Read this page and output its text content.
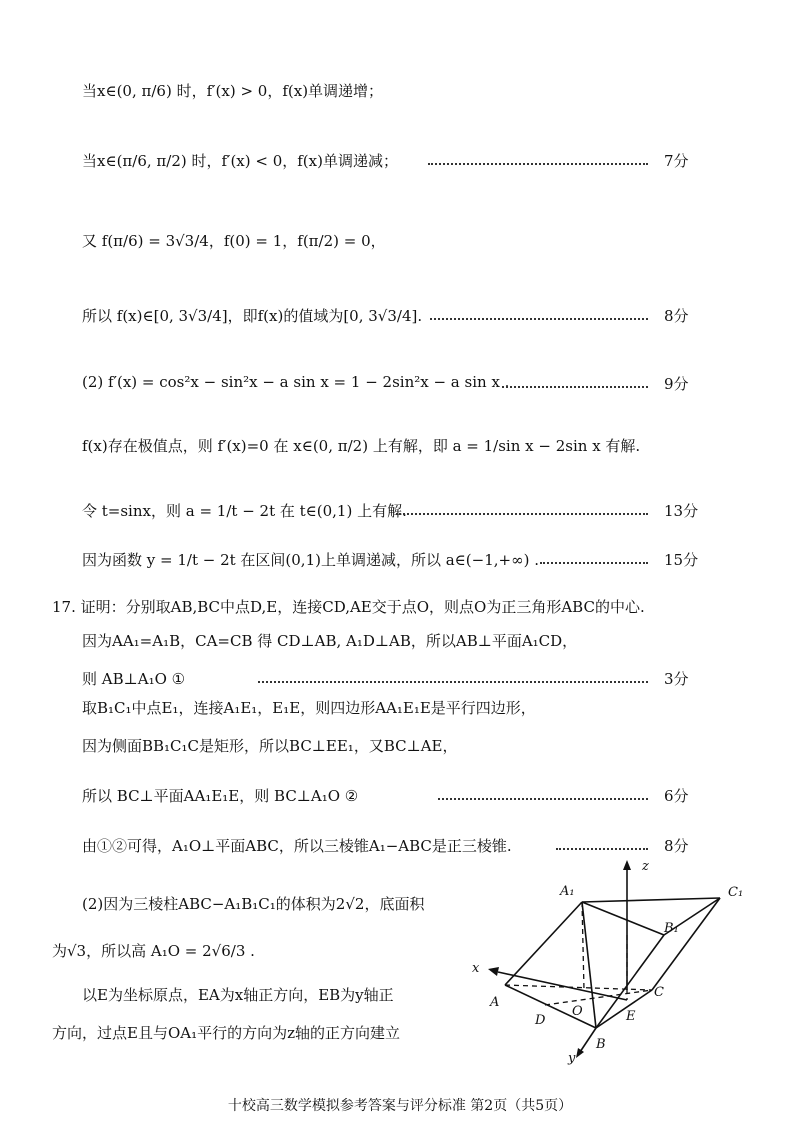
当x∈(0, π/6) 时，f′(x) > 0，f(x)单调递增；
当x∈(π/6, π/2) 时，f′(x) < 0，f(x)单调递减；	7分
又 f(π/6) = 3√3/4，f(0) = 1，f(π/2) = 0，
所以 f(x)∈[0, 3√3/4]，即f(x)的值域为[0, 3√3/4].	8分
(2) f′(x) = cos²x − sin²x − a sin x = 1 − 2sin²x − a sin x .	9分
f(x)存在极值点，则 f′(x)=0 在 x∈(0, π/2) 上有解，即 a = 1/sin x − 2sin x 有解.
令 t=sinx，则 a = 1/t − 2t 在 t∈(0,1) 上有解.	13分
因为函数 y = 1/t − 2t 在区间(0,1)上单调递减，所以 a∈(−1,+∞) .	15分
17. 证明：分别取AB,BC中点D,E，连接CD,AE交于点O，则点O为正三角形ABC的中心.
因为AA₁=A₁B，CA=CB 得 CD⊥AB, A₁D⊥AB，所以AB⊥平面A₁CD，
则 AB⊥A₁O ①	3分
取B₁C₁中点E₁，连接A₁E₁，E₁E，则四边形AA₁E₁E是平行四边形，
因为侧面BB₁C₁C是矩形，所以BC⊥EE₁，又BC⊥AE，
所以 BC⊥平面AA₁E₁E，则 BC⊥A₁O ②	6分
由①②可得，A₁O⊥平面ABC，所以三棱锥A₁−ABC是正三棱锥.	8分
(2)因为三棱柱ABC−A₁B₁C₁的体积为2√2，底面积
为√3，所以高 A₁O = 2√6/3 .
以E为坐标原点，EA为x轴正方向，EB为y轴正
方向，过点E且与OA₁平行的方向为z轴的正方向建立
A₁	C₁
B₁
z
x
A
C
O
D	E
B
y
十校高三数学模拟参考答案与评分标准 第2页（共5页）
